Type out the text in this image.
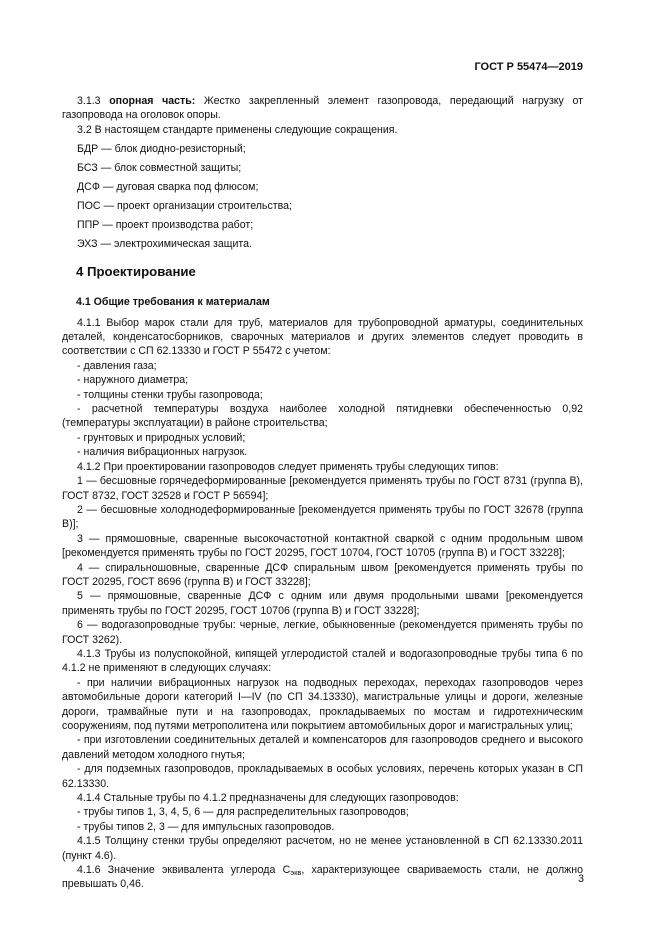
ГОСТ Р 55474—2019

3.1.3 опорная часть: Жестко закрепленный элемент газопровода, передающий нагрузку от газопровода на оголовок опоры.

3.2 В настоящем стандарте применены следующие сокращения.

БДР — блок диодно-резисторный;

БСЗ — блок совместной защиты;

ДСФ — дуговая сварка под флюсом;

ПОС — проект организации строительства;

ППР — проект производства работ;

ЭХЗ — электрохимическая защита.

4 Проектирование
4.1 Общие требования к материалам

4.1.1 Выбор марок стали для труб, материалов для трубопроводной арматуры, соединительных деталей, конденсатосборников, сварочных материалов и других элементов следует проводить в соответствии с СП 62.13330 и ГОСТ Р 55472 с учетом:

- давления газа;

- наружного диаметра;

- толщины стенки трубы газопровода;

- расчетной температуры воздуха наиболее холодной пятидневки обеспеченностью 0,92 (температуры эксплуатации) в районе строительства;

- грунтовых и природных условий;

- наличия вибрационных нагрузок.

4.1.2 При проектировании газопроводов следует применять трубы следующих типов:

1 — бесшовные горячедеформированные [рекомендуется применять трубы по ГОСТ 8731 (группа В), ГОСТ 8732, ГОСТ 32528 и ГОСТ Р 56594];

2 — бесшовные холоднодеформированные [рекомендуется применять трубы по ГОСТ 32678 (группа В)];

3 — прямошовные, сваренные высокочастотной контактной сваркой с одним продольным швом [рекомендуется применять трубы по ГОСТ 20295, ГОСТ 10704, ГОСТ 10705 (группа В) и ГОСТ 33228];

4 — спиральношовные, сваренные ДСФ спиральным швом [рекомендуется применять трубы по ГОСТ 20295, ГОСТ 8696 (группа В) и ГОСТ 33228];

5 — прямошовные, сваренные ДСФ с одним или двумя продольными швами [рекомендуется применять трубы по ГОСТ 20295, ГОСТ 10706 (группа В) и ГОСТ 33228];

6 — водогазопроводные трубы: черные, легкие, обыкновенные (рекомендуется применять трубы по ГОСТ 3262).

4.1.3 Трубы из полуспокойной, кипящей углеродистой сталей и водогазопроводные трубы типа 6 по 4.1.2 не применяют в следующих случаях:

- при наличии вибрационных нагрузок на подводных переходах, переходах газопроводов через автомобильные дороги категорий I—IV (по СП 34.13330), магистральные улицы и дороги, железные дороги, трамвайные пути и на газопроводах, прокладываемых по мостам и гидротехническим сооружениям, под путями метрополитена или покрытием автомобильных дорог и магистральных улиц;

- при изготовлении соединительных деталей и компенсаторов для газопроводов среднего и высокого давлений методом холодного гнутья;

- для подземных газопроводов, прокладываемых в особых условиях, перечень которых указан в СП 62.13330.

4.1.4 Стальные трубы по 4.1.2 предназначены для следующих газопроводов:

- трубы типов 1, 3, 4, 5, 6 — для распределительных газопроводов;

- трубы типов 2, 3 — для импульсных газопроводов.

4.1.5 Толщину стенки трубы определяют расчетом, но не менее установленной в СП 62.13330.2011 (пункт 4.6).

4.1.6 Значение эквивалента углерода $С_{экв}$, характеризующее свариваемость стали, не должно превышать 0,46.	3
